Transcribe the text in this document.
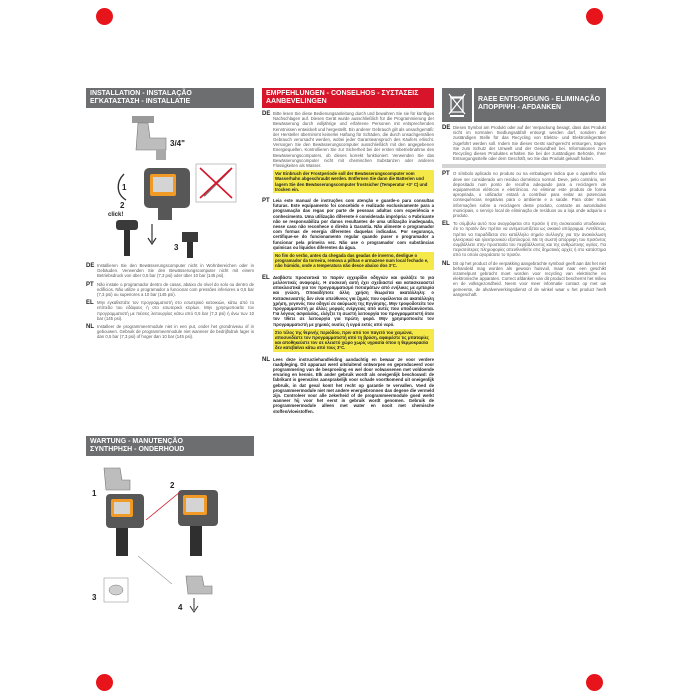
INSTALLATION - INSTALAÇÃO
ΕΓΚΑΤΑΣΤΑΣΗ - INSTALLATIE
3/4"
click!
1
2
3
DE Installieren Sie den Bewässerungscomputer nicht in Wohnbereichen oder in Gebäuden. Verwenden Sie den Bewässerungscomputer nicht mit einem Betriebsdruck von über 0,5 bar (7,3 psi) oder über 10 bar (145 psi).
PT Não instale o programador dentro de casas, abaixo do nível do solo ou dentro de edifícios. Não utilize o programador a funcionar com pressões inferiores a 0,5 bar (7,3 psi) ou superiores a 10 bar (145 psi).
EL Μην εγκαθιστάτε τον προγραμματιστή στο εσωτερικό κατοικιών, κάτω από το επίπεδο του εδάφους ή στο εσωτερικό κτιρίων. Μην χρησιμοποιείτε τον προγραμματιστή με πιέσεις λειτουργίας κάτω από 0,5 bar (7,3 psi) ή άνω των 10 bar (145 psi).
NL Installeer de programmeermodule niet in een put, onder het grondniveau of in gebouwen. Gebruik de programmeermodule niet wanneer de bedrijfsdruk lager is dan 0,5 bar (7,3 psi) of hoger dan 10 bar (145 psi).
WARTUNG - MANUTENÇÃO
ΣΥΝΤΗΡΗΣΗ - ONDERHOUD
1
2
3
4
EMPFEHLUNGEN - CONSELHOS - ΣΥΣΤΑΣΕΙΣ
AANBEVELINGEN
DE Bitte lesen Sie diese Bedienungsanleitung durch und bewahren Sie sie für künftiges Nachschlagen auf. Dieses Gerät wurde ausschließlich für die Programmierung der Bewässerung durch volljährige und erfahrene Personen mit entsprechenden Kenntnissen entwickelt und hergestellt. Ein anderer Gebrauch gilt als unsachgemäß: der Hersteller übernimmt keinerlei Haftung für Schäden, die durch unsachgemäßen Gebrauch verursacht werden, wobei jeder Garantieanspruch des Käufers erlischt. Versorgen Sie den Bewässerungscomputer ausschließlich mit den angegebenen Energiequellen. Kontrollieren Sie zur Sicherheit bei der ersten Inbetriebnahme des Bewässerungscomputers, ob dieses korrekt funktioniert. Verwenden Sie das Bewässerungscomputer nicht mit chemischen Substanzen oder anderen Flüssigkeiten als Wasser.
Vor Einbruch der Frostperiode soll der Bewässerungscomputer vom Wasserhahn abgeschraubt werden. Entfernen Sie dann die Batterien und lagern Sie den Bewässerungscomputer frostsicher (Temperatur +3° C) und trocken ein.
PT Leia este manual de instruções com atenção e guarde-o para consultas futuras. Este equipamento foi concebido e realizado exclusivamente para a programação das regas por parte de pessoas adultas com experiência e conhecimento. Uma utilização diferente é considerada imprópria: o Fabricante não se responsabiliza por danos resultantes de uma utilização inadequada, nesse caso não reconhece o direito à Garantia. Não alimente o programador com formas de energia diferentes daquelas indicadas. Por segurança, certifique-se do funcionamento regular quando puser o programador a funcionar pela primeira vez. Não use o programador com substâncias químicas ou líquidos diferentes da água.
No fim do verão, antes da chegada das geadas de inverno, desligue o programador da torneira, remova a pilhas e armazene num local fechado e, não húmido, onde a temperatura não desce abaixo dos 3°C.
EL Διαβάστε προσεκτικά το παρόν εγχειρίδιο οδηγιών και φυλάξτε το για μελλοντικές αναφορές. Η συσκευή αυτή έχει σχεδιαστεί και κατασκευαστεί αποκλειστικά για τον προγραμματισμό ποτισμάτων από ενήλικες με εμπειρία και γνώση. Οποιαδήποτε άλλη χρήση θεωρείται ακατάλληλη: ο Κατασκευαστής δεν είναι υπεύθυνος για ζημιές που οφείλονται σε ακατάλληλη χρήση, γεγονός που οδηγεί σε ακύρωση της Εγγύησης. Μην τροφοδοτείτε τον προγραμματιστή με άλλες μορφές ενέργειας από αυτές που υποδεικνύονται. Για λόγους ασφαλείας, ελέγξτε τη σωστή λειτουργία του προγραμματιστή όταν τον τίθετε σε λειτουργία για πρώτη φορά. Μην χρησιμοποιείτε τον προγραμματιστή με χημικές ουσίες ή υγρά εκτός από νερό.
Στο τέλος της θερινής περιόδου, πριν από τον παγετό του χειμώνα, αποσυνδέστε τον προγραμματιστή από τη βρύση, αφαιρέστε τις μπαταρίες και αποθηκεύστε τον σε κλειστό χώρο χωρίς υγρασία όπου η θερμοκρασία δεν κατεβαίνει κάτω από τους 3°C.
NL Lees deze instructiehandleiding aandachtig en bewaar ze voor verdere raadpleging. Dit apparaat werd uitsluitend ontworpen en geproduceerd voor programmering van de besproeiing en wel door volwassenen met voldoende ervaring en kennis. Elk ander gebruik wordt als oneigenlijk beschouwd: de fabrikant is geenszins aansprakelijk voor schade voortkomend uit oneigenlijk gebruik, in dat geval komt het recht op garantie te vervallen. Voed de programmeermodule niet met andere energiebronnen dan degene die vermeld zijn. Controleer voor alle zekerheid of de programmeermodule goed werkt wanneer hij voor het eerst in gebruik wordt genomen. Gebruik de programmeermodule alleen met water en nooit met chemische stoffen/vloeistoffen.
RAEE ENTSORGUNG - ELIMINAÇÃO
ΑΠΟΡΡΙΨΗ - AFDANKEN
DE Dieses Symbol am Produkt oder auf der Verpackung besagt, dass das Produkt nicht im normalen Siedlungsabfall entsorgt werden darf, sondern der zuständigen Stelle für das Recycling von Elektro- und Elektronikgeräten zugeführt werden soll. Indem Sie dieses Gerät sachgerecht entsorgen, tragen Sie zum Schutz der Umwelt und der Gesundheit bei. Informationen zum Recycling dieses Produktes erhalten Sie bei der zuständigen Behörde, Ihrer Entsorgungsstelle oder dem Geschäft, wo Sie das Produkt gekauft haben.
PT O símbolo aplicado no produto ou na embalagem indica que o aparelho não deve ser considerado um resíduo doméstico normal. Deve, pelo contrário, ser depositado num ponto de recolha adequado para a reciclagem de equipamentos elétricos e eletrónicos. Ao eliminar este produto de forma apropriada, o utilizador estará a contribuir para evitar as potenciais consequências negativas para o ambiente e a saúde. Para obter mais informações sobre a reciclagem deste produto, contacte as autoridades municipais, o serviço local de eliminação de resíduos ou a loja onde adquiriu o produto.
EL Το σύμβολο αυτό που αναγράφεται στο προϊόν ή στη συσκευασία υποδεικνύει ότι το προϊόν δεν πρέπει να αντιμετωπίζεται ως οικιακό απόρριμμα. Αντιθέτως, πρέπει να παραδίδεται στο κατάλληλο σημείο συλλογής για την ανακύκλωση ηλεκτρικού και ηλεκτρονικού εξοπλισμού. Με τη σωστή απόρριψη του προϊόντος συμβάλλετε στην προστασία του περιβάλλοντος και της ανθρώπινης υγείας. Για περισσότερες πληροφορίες απευθυνθείτε στις δημοτικές αρχές ή στο κατάστημα από το οποίο αγοράσατε το προϊόν.
NL Dit op het product of de verpakking aangebrachte symbool geeft aan dat het niet behandeld mag worden als gewoon huisvuil, maar naar een geschikt inzamelpunt gebracht moet worden voor recycling van elektrische en elektronische apparaten. Correct afdanken van dit product beschermt het milieu en de volksgezondheid. Neem voor meer informatie contact op met uw gemeente, de afvalverwerkingsdienst of de winkel waar u het product heeft aangeschaft.
